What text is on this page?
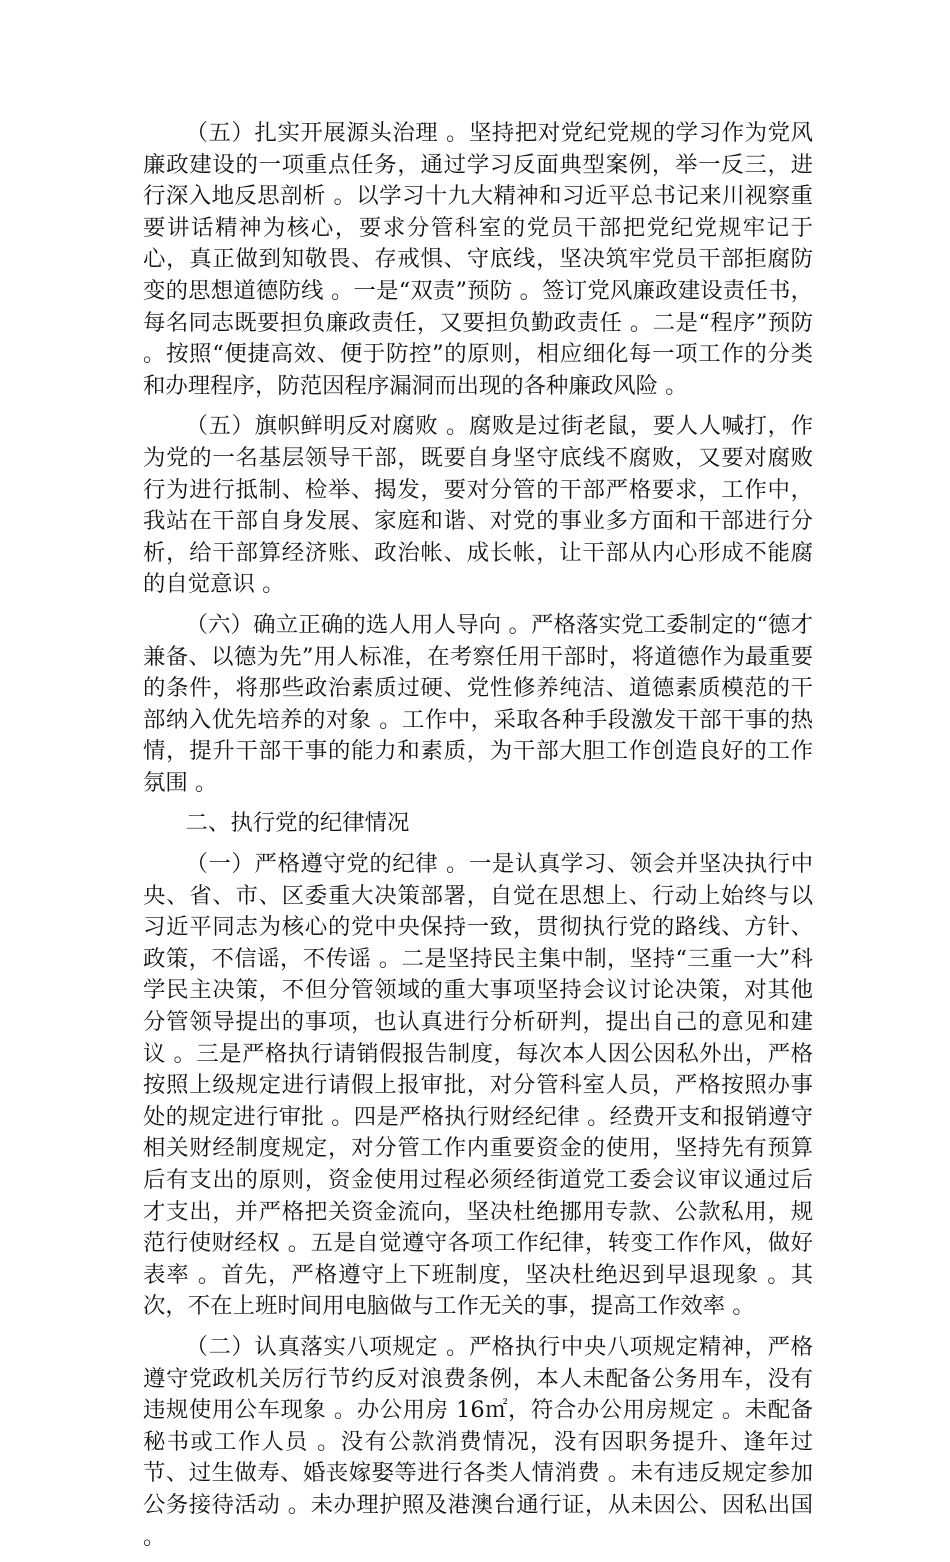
（五）扎实开展源头治理 。坚持把对党纪党规的学习作为党风廉政建设的一项重点任务，通过学习反面典型案例，举一反三，进行深入地反思剖析 。以学习十九大精神和习近平总书记来川视察重要讲话精神为核心，要求分管科室的党员干部把党纪党规牢记于心，真正做到知敬畏、存戒惧、守底线，坚决筑牢党员干部拒腐防变的思想道德防线 。一是“双责”预防 。签订党风廉政建设责任书，每名同志既要担负廉政责任，又要担负勤政责任 。二是“程序”预防 。按照“便捷高效、便于防控”的原则，相应细化每一项工作的分类和办理程序，防范因程序漏洞而出现的各种廉政风险 。

（五）旗帜鲜明反对腐败 。腐败是过街老鼠，要人人喊打，作为党的一名基层领导干部，既要自身坚守底线不腐败，又要对腐败行为进行抵制、检举、揭发，要对分管的干部严格要求，工作中，我站在干部自身发展、家庭和谐、对党的事业多方面和干部进行分析，给干部算经济账、政治帐、成长帐，让干部从内心形成不能腐的自觉意识 。

（六）确立正确的选人用人导向 。严格落实党工委制定的“德才兼备、以德为先”用人标准，在考察任用干部时，将道德作为最重要的条件，将那些政治素质过硬、党性修养纯洁、道德素质模范的干部纳入优先培养的对象 。工作中，采取各种手段激发干部干事的热情，提升干部干事的能力和素质，为干部大胆工作创造良好的工作氛围 。

二、执行党的纪律情况

（一）严格遵守党的纪律 。一是认真学习、领会并坚决执行中央、省、市、区委重大决策部署，自觉在思想上、行动上始终与以习近平同志为核心的党中央保持一致，贯彻执行党的路线、方针、政策，不信谣，不传谣 。二是坚持民主集中制，坚持“三重一大”科学民主决策，不但分管领域的重大事项坚持会议讨论决策，对其他分管领导提出的事项，也认真进行分析研判，提出自己的意见和建议 。三是严格执行请销假报告制度，每次本人因公因私外出，严格按照上级规定进行请假上报审批，对分管科室人员，严格按照办事处的规定进行审批 。四是严格执行财经纪律 。经费开支和报销遵守相关财经制度规定，对分管工作内重要资金的使用，坚持先有预算后有支出的原则，资金使用过程必须经街道党工委会议审议通过后才支出，并严格把关资金流向，坚决杜绝挪用专款、公款私用，规范行使财经权 。五是自觉遵守各项工作纪律，转变工作作风，做好表率 。首先，严格遵守上下班制度，坚决杜绝迟到早退现象 。其次，不在上班时间用电脑做与工作无关的事，提高工作效率 。

（二）认真落实八项规定 。严格执行中央八项规定精神，严格遵守党政机关厉行节约反对浪费条例，本人未配备公务用车，没有违规使用公车现象 。办公用房 16㎡，符合办公用房规定 。未配备秘书或工作人员 。没有公款消费情况，没有因职务提升、逢年过节、过生做寿、婚丧嫁娶等进行各类人情消费 。未有违反规定参加公务接待活动 。未办理护照及港澳台通行证，从未因公、因私出国 。
